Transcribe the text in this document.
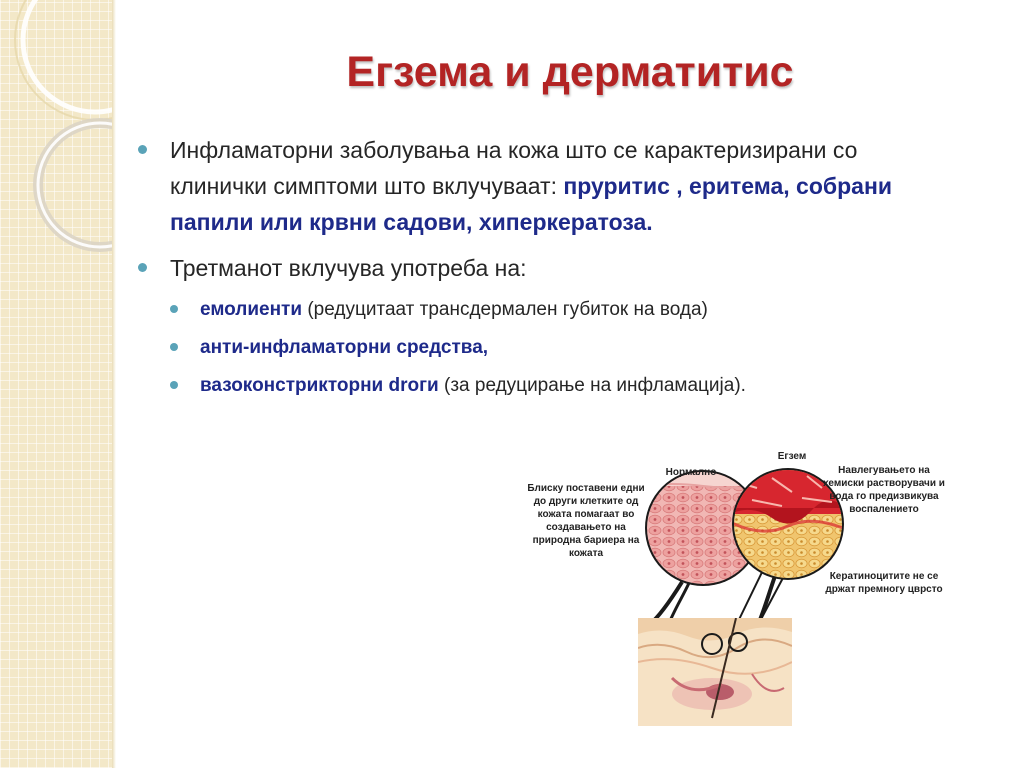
Егзема и дерматитис
Инфламаторни заболувања на кожа што се карактеризирани со клинички симптоми што вклучуваат: пруритис , еритема, собрани папили или крвни садови, хиперкератоза.
Третманот вклучува употреба на:
емолиенти (редуцитаат трансдермален губиток на вода)
анти-инфламаторни средства,
вазоконстрикторни droги (за редуцирање на инфламација).
Нормално
Егзем
Блиску поставени едни до други клетките од кожата помагаат во создавањето на природна бариера на кожата
Навлегувањето на хемиски растворувачи и вода го предизвикува воспалението
Кератиноцитите не се држат премногу цврсто
